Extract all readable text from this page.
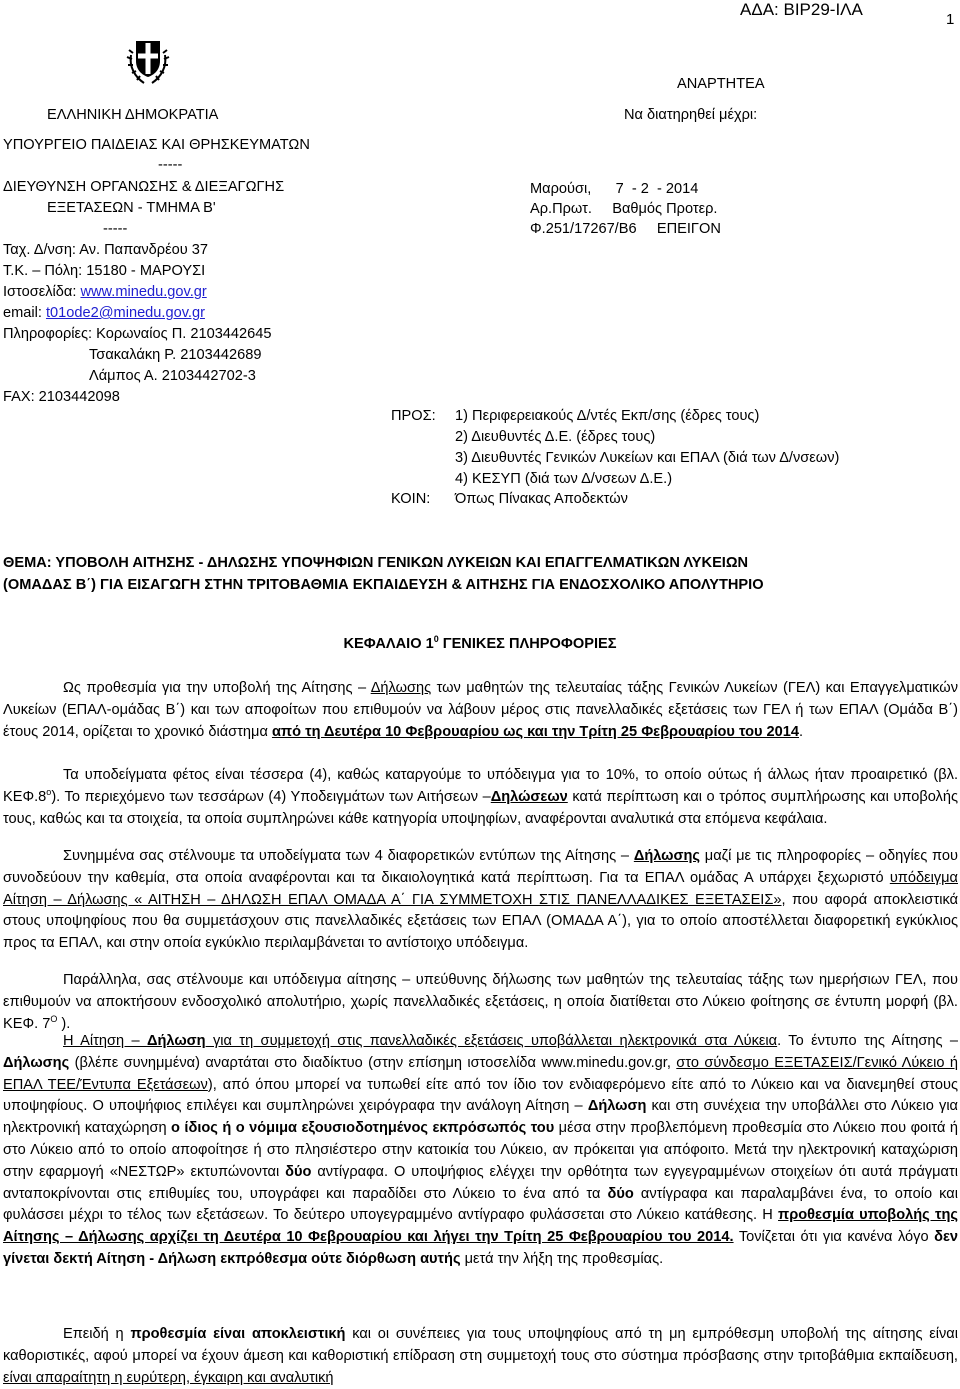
ΑΔΑ: ΒΙΡ29-ΙΛΑ
1
ΑΝΑΡΤΗΤΕΑ
ΕΛΛΗΝΙΚΗ ΔΗΜΟΚΡΑΤΙΑ	Να διατηρηθεί μέχρι:
ΥΠΟΥΡΓΕΙΟ ΠΑΙΔΕΙΑΣ ΚΑΙ ΘΡΗΣΚΕΥΜΑΤΩΝ
-----
ΔΙΕΥΘΥΝΣΗ ΟΡΓΑΝΩΣΗΣ & ΔΙΕΞΑΓΩΓΗΣ
ΕΞΕΤΑΣΕΩΝ - ΤΜΗΜΑ Β'
-----
Ταχ. Δ/νση: Αν. Παπανδρέου 37
Τ.Κ. – Πόλη: 15180 - ΜΑΡΟΥΣΙ
Ιστοσελίδα: www.minedu.gov.gr
email: t01ode2@minedu.gov.gr
Πληροφορίες: Κορωναίος Π. 2103442645
Τσακαλάκη Ρ. 2103442689
Λάμπος Α. 2103442702-3
FAX: 2103442098
Μαρούσι,      7  - 2  - 2014
Αρ.Πρωτ.     Βαθμός Προτερ.
Φ.251/17267/Β6     ΕΠΕΙΓΟΝ
ΠΡΟΣ: 1) Περιφερειακούς Δ/ντές Εκπ/σης (έδρες τους)
2) Διευθυντές Δ.Ε. (έδρες τους)
3) Διευθυντές Γενικών Λυκείων και ΕΠΑΛ (διά των Δ/νσεων)
4) ΚΕΣΥΠ (διά των Δ/νσεων Δ.Ε.)
ΚΟΙΝ: Όπως Πίνακας Αποδεκτών
ΘΕΜΑ: ΥΠΟΒΟΛΗ ΑΙΤΗΣΗΣ - ΔΗΛΩΣΗΣ ΥΠΟΨΗΦΙΩΝ ΓΕΝΙΚΩΝ ΛΥΚΕΙΩΝ ΚΑΙ ΕΠΑΓΓΕΛΜΑΤΙΚΩΝ ΛΥΚΕΙΩΝ
(ΟΜΑΔΑΣ Β΄) ΓΙΑ ΕΙΣΑΓΩΓΗ ΣΤΗΝ ΤΡΙΤΟΒΑΘΜΙΑ ΕΚΠΑΙΔΕΥΣΗ & ΑΙΤΗΣΗΣ ΓΙΑ ΕΝΔΟΣΧΟΛΙΚΟ ΑΠΟΛΥΤΗΡΙΟ
ΚΕΦΑΛΑΙΟ $1^0$ ΓΕΝΙΚΕΣ ΠΛΗΡΟΦΟΡΙΕΣ
Ως προθεσμία για την υποβολή της Αίτησης – Δήλωσης των μαθητών της τελευταίας τάξης Γενικών Λυκείων (ΓΕΛ) και Επαγγελματικών Λυκείων (ΕΠΑΛ-ομάδας Β΄) και των αποφοίτων που επιθυμούν να λάβουν μέρος στις πανελλαδικές εξετάσεις των ΓΕΛ ή των ΕΠΑΛ (Ομάδα Β΄) έτους 2014, ορίζεται το χρονικό διάστημα από τη Δευτέρα 10 Φεβρουαρίου ως και την Τρίτη 25 Φεβρουαρίου του 2014.
Τα υποδείγματα φέτος είναι τέσσερα (4), καθώς καταργούμε το υπόδειγμα για το 10%, το οποίο ούτως ή άλλως ήταν προαιρετικό (βλ. $KE\Phi.8^o$). Το περιεχόμενο των τεσσάρων (4) Υποδειγμάτων των Αιτήσεων –Δηλώσεων κατά περίπτωση και ο τρόπος συμπλήρωσης και υποβολής τους, καθώς και τα στοιχεία, τα οποία συμπληρώνει κάθε κατηγορία υποψηφίων, αναφέρονται αναλυτικά στα επόμενα κεφάλαια.
Συνημμένα σας στέλνουμε τα υποδείγματα των 4 διαφορετικών εντύπων της Αίτησης – Δήλωσης μαζί με τις πληροφορίες – οδηγίες που συνοδεύουν την καθεμία, στα οποία αναφέρονται και τα δικαιολογητικά κατά περίπτωση. Για τα ΕΠΑΛ ομάδας Α υπάρχει ξεχωριστό υπόδειγμα Αίτηση – Δήλωσης « ΑΙΤΗΣΗ – ΔΗΛΩΣΗ ΕΠΑΛ ΟΜΑΔΑ Α΄ ΓΙΑ ΣΥΜΜΕΤΟΧΗ ΣΤΙΣ ΠΑΝΕΛΛΑΔΙΚΕΣ ΕΞΕΤΑΣΕΙΣ», που αφορά αποκλειστικά στους υποψηφίους που θα συμμετάσχουν στις πανελλαδικές εξετάσεις των ΕΠΑΛ (ΟΜΑΔΑ Α΄), για το οποίο αποστέλλεται διαφορετική εγκύκλιος προς τα ΕΠΑΛ, και στην οποία εγκύκλιο περιλαμβάνεται το αντίστοιχο υπόδειγμα.
Παράλληλα, σας στέλνουμε και υπόδειγμα αίτησης – υπεύθυνης δήλωσης των μαθητών της τελευταίας τάξης των ημερήσιων ΓΕΛ, που επιθυμούν να αποκτήσουν ενδοσχολικό απολυτήριο, χωρίς πανελλαδικές εξετάσεις, η οποία διατίθεται στο Λύκειο φοίτησης σε έντυπη μορφή (βλ. ΚΕΦ. $7^O$ ).
Η Αίτηση – Δήλωση για τη συμμετοχή στις πανελλαδικές εξετάσεις υποβάλλεται ηλεκτρονικά στα Λύκεια. Το έντυπο της Αίτησης – Δήλωσης (βλέπε συνημμένα) αναρτάται στο διαδίκτυο (στην επίσημη ιστοσελίδα www.minedu.gov.gr, στο σύνδεσμο ΕΞΕΤΑΣΕΙΣ/Γενικό Λύκειο ή ΕΠΑΛ ΤΕΕ/Έντυπα Εξετάσεων), από όπου μπορεί να τυπωθεί είτε από τον ίδιο τον ενδιαφερόμενο είτε από το Λύκειο και να διανεμηθεί στους υποψηφίους. Ο υποψήφιος επιλέγει και συμπληρώνει χειρόγραφα την ανάλογη Αίτηση – Δήλωση και στη συνέχεια την υποβάλλει στο Λύκειο για ηλεκτρονική καταχώρηση ο ίδιος ή ο νόμιμα εξουσιοδοτημένος εκπρόσωπός του μέσα στην προβλεπόμενη προθεσμία στο Λύκειο που φοιτά ή στο Λύκειο από το οποίο αποφοίτησε ή στο πλησιέστερο στην κατοικία του Λύκειο, αν πρόκειται για απόφοιτο. Μετά την ηλεκτρονική καταχώριση στην εφαρμογή «ΝΕΣΤΩΡ» εκτυπώνονται δύο αντίγραφα. Ο υποψήφιος ελέγχει την ορθότητα των εγγεγραμμένων στοιχείων ότι αυτά πράγματι ανταποκρίνονται στις επιθυμίες του, υπογράφει και παραδίδει στο Λύκειο το ένα από τα δύο αντίγραφα και παραλαμβάνει ένα, το οποίο και φυλάσσει μέχρι το τέλος των εξετάσεων. Το δεύτερο υπογεγραμμένο αντίγραφο φυλάσσεται στο Λύκειο κατάθεσης. Η προθεσμία υποβολής της Αίτησης – Δήλωσης αρχίζει τη Δευτέρα 10 Φεβρουαρίου και λήγει την Τρίτη 25 Φεβρουαρίου του 2014. Τονίζεται ότι για κανένα λόγο δεν γίνεται δεκτή Αίτηση - Δήλωση εκπρόθεσμα ούτε διόρθωση αυτής μετά την λήξη της προθεσμίας.
Επειδή η προθεσμία είναι αποκλειστική και οι συνέπειες για τους υποψηφίους από τη μη εμπρόθεσμη υποβολή της αίτησης είναι καθοριστικές, αφού μπορεί να έχουν άμεση και καθοριστική επίδραση στη συμμετοχή τους στο σύστημα πρόσβασης στην τριτοβάθμια εκπαίδευση, είναι απαραίτητη η ευρύτερη, έγκαιρη και αναλυτική
